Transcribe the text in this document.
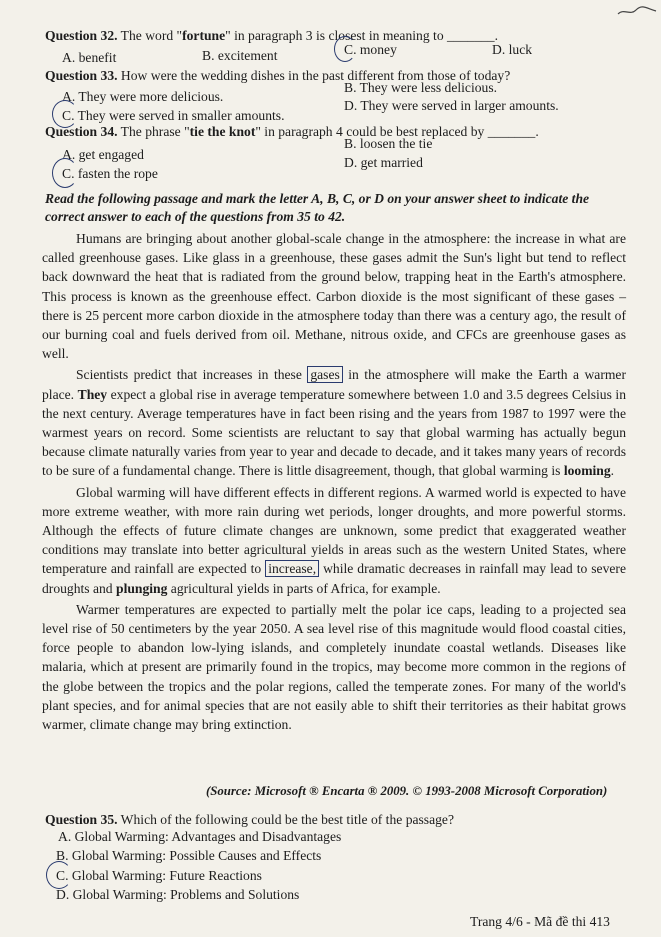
Question 32. The word "fortune" in paragraph 3 is closest in meaning to _______.
A. benefit	B. excitement	C. money	D. luck
Question 33. How were the wedding dishes in the past different from those of today?
A. They were more delicious.
B. They were less delicious.
C. They were served in smaller amounts.
D. They were served in larger amounts.
Question 34. The phrase "tie the knot" in paragraph 4 could be best replaced by _______.
A. get engaged
B. loosen the tie
C. fasten the rope
D. get married
Read the following passage and mark the letter A, B, C, or D on your answer sheet to indicate the correct answer to each of the questions from 35 to 42.

Humans are bringing about another global-scale change in the atmosphere: the increase in what are called greenhouse gases. Like glass in a greenhouse, these gases admit the Sun's light but tend to reflect back downward the heat that is radiated from the ground below, trapping heat in the Earth's atmosphere. This process is known as the greenhouse effect. Carbon dioxide is the most significant of these gases – there is 25 percent more carbon dioxide in the atmosphere today than there was a century ago, the result of our burning coal and fuels derived from oil. Methane, nitrous oxide, and CFCs are greenhouse gases as well.

Scientists predict that increases in these gases in the atmosphere will make the Earth a warmer place. They expect a global rise in average temperature somewhere between 1.0 and 3.5 degrees Celsius in the next century. Average temperatures have in fact been rising and the years from 1987 to 1997 were the warmest years on record. Some scientists are reluctant to say that global warming has actually begun because climate naturally varies from year to year and decade to decade, and it takes many years of records to be sure of a fundamental change. There is little disagreement, though, that global warming is looming.

Global warming will have different effects in different regions. A warmed world is expected to have more extreme weather, with more rain during wet periods, longer droughts, and more powerful storms. Although the effects of future climate changes are unknown, some predict that exaggerated weather conditions may translate into better agricultural yields in areas such as the western United States, where temperature and rainfall are expected to increase, while dramatic decreases in rainfall may lead to severe droughts and plunging agricultural yields in parts of Africa, for example.

Warmer temperatures are expected to partially melt the polar ice caps, leading to a projected sea level rise of 50 centimeters by the year 2050. A sea level rise of this magnitude would flood coastal cities, force people to abandon low-lying islands, and completely inundate coastal wetlands. Diseases like malaria, which at present are primarily found in the tropics, may become more common in the regions of the globe between the tropics and the polar regions, called the temperate zones. For many of the world's plant species, and for animal species that are not easily able to shift their territories as their habitat grows warmer, climate change may bring extinction.

(Source: Microsoft ® Encarta ® 2009. © 1993-2008 Microsoft Corporation)
Question 35. Which of the following could be the best title of the passage?
A. Global Warming: Advantages and Disadvantages
B. Global Warming: Possible Causes and Effects
C. Global Warming: Future Reactions
D. Global Warming: Problems and Solutions
Trang 4/6 - Mã đề thi 413
